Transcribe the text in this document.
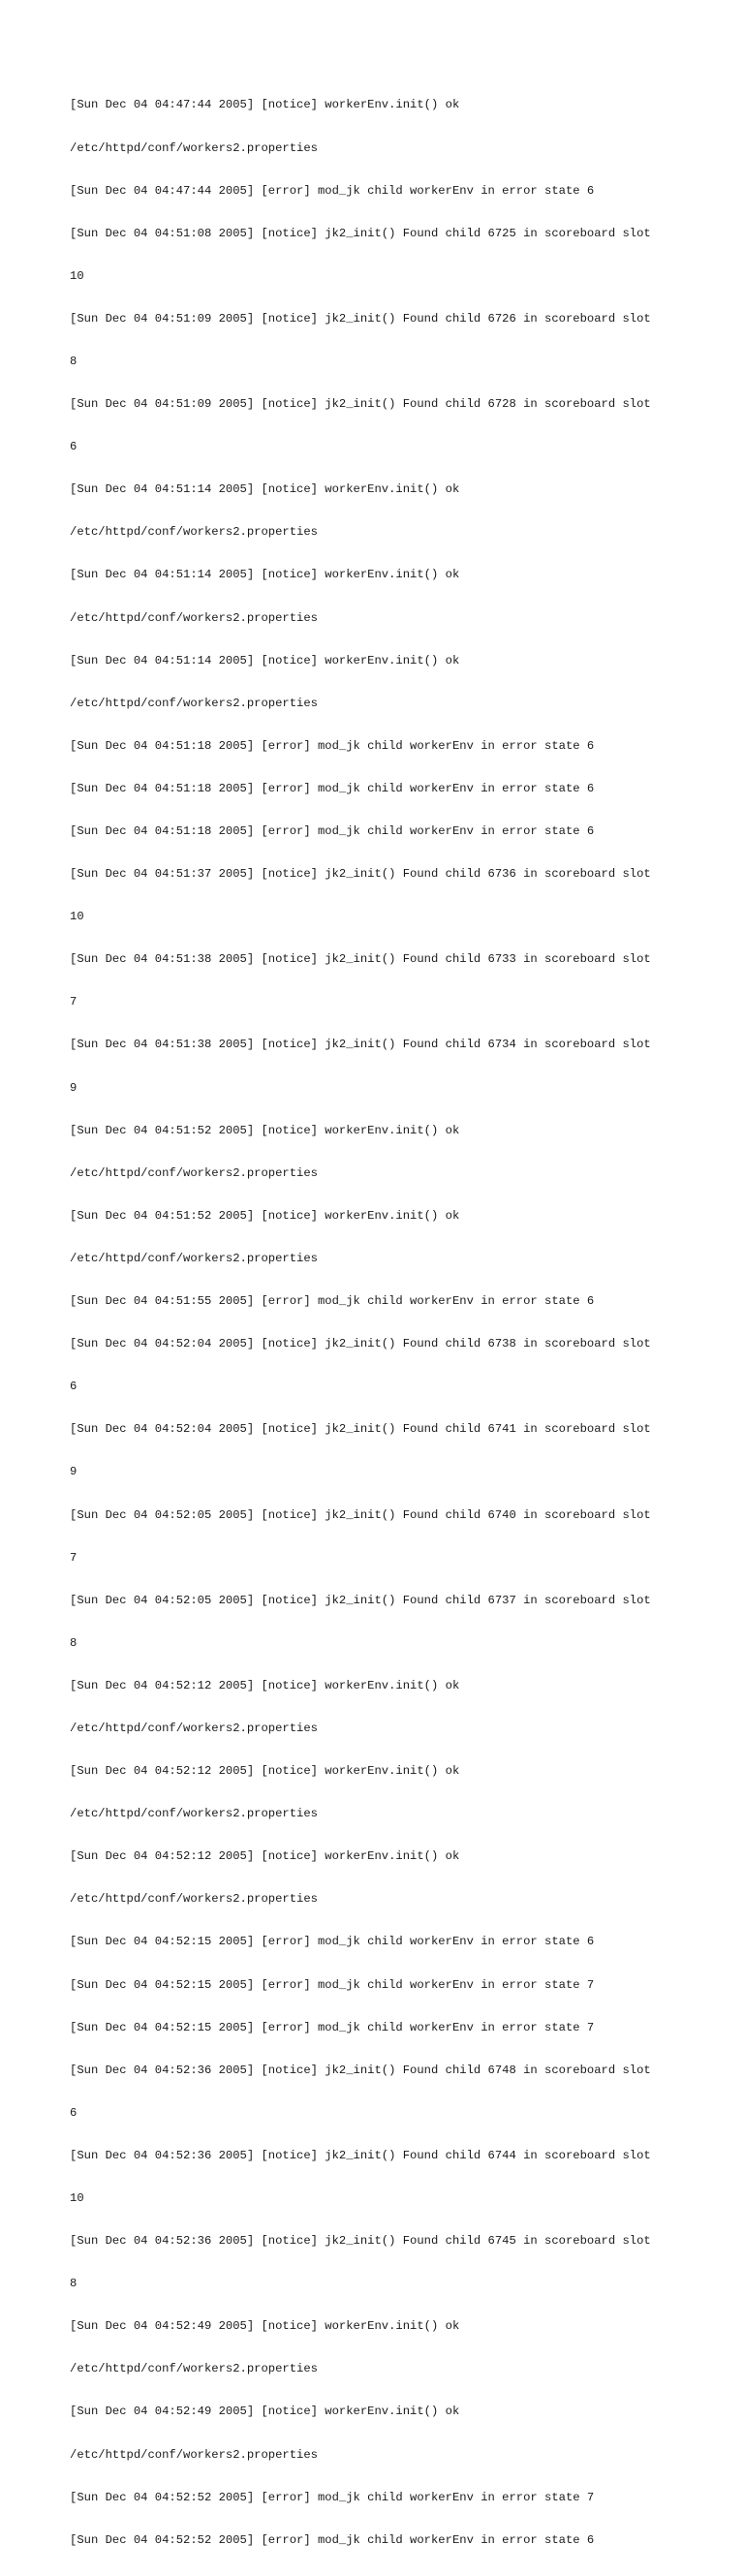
[Sun Dec 04 04:47:44 2005] [notice] workerEnv.init() ok

/etc/httpd/conf/workers2.properties

[Sun Dec 04 04:47:44 2005] [error] mod_jk child workerEnv in error state 6

[Sun Dec 04 04:51:08 2005] [notice] jk2_init() Found child 6725 in scoreboard slot

10

[Sun Dec 04 04:51:09 2005] [notice] jk2_init() Found child 6726 in scoreboard slot

8

[Sun Dec 04 04:51:09 2005] [notice] jk2_init() Found child 6728 in scoreboard slot

6

[Sun Dec 04 04:51:14 2005] [notice] workerEnv.init() ok

/etc/httpd/conf/workers2.properties

[Sun Dec 04 04:51:14 2005] [notice] workerEnv.init() ok

/etc/httpd/conf/workers2.properties

[Sun Dec 04 04:51:14 2005] [notice] workerEnv.init() ok

/etc/httpd/conf/workers2.properties

[Sun Dec 04 04:51:18 2005] [error] mod_jk child workerEnv in error state 6

[Sun Dec 04 04:51:18 2005] [error] mod_jk child workerEnv in error state 6

[Sun Dec 04 04:51:18 2005] [error] mod_jk child workerEnv in error state 6

[Sun Dec 04 04:51:37 2005] [notice] jk2_init() Found child 6736 in scoreboard slot

10

[Sun Dec 04 04:51:38 2005] [notice] jk2_init() Found child 6733 in scoreboard slot

7

[Sun Dec 04 04:51:38 2005] [notice] jk2_init() Found child 6734 in scoreboard slot

9

[Sun Dec 04 04:51:52 2005] [notice] workerEnv.init() ok

/etc/httpd/conf/workers2.properties

[Sun Dec 04 04:51:52 2005] [notice] workerEnv.init() ok

/etc/httpd/conf/workers2.properties

[Sun Dec 04 04:51:55 2005] [error] mod_jk child workerEnv in error state 6

[Sun Dec 04 04:52:04 2005] [notice] jk2_init() Found child 6738 in scoreboard slot

6

[Sun Dec 04 04:52:04 2005] [notice] jk2_init() Found child 6741 in scoreboard slot

9

[Sun Dec 04 04:52:05 2005] [notice] jk2_init() Found child 6740 in scoreboard slot

7

[Sun Dec 04 04:52:05 2005] [notice] jk2_init() Found child 6737 in scoreboard slot

8

[Sun Dec 04 04:52:12 2005] [notice] workerEnv.init() ok

/etc/httpd/conf/workers2.properties

[Sun Dec 04 04:52:12 2005] [notice] workerEnv.init() ok

/etc/httpd/conf/workers2.properties

[Sun Dec 04 04:52:12 2005] [notice] workerEnv.init() ok

/etc/httpd/conf/workers2.properties

[Sun Dec 04 04:52:15 2005] [error] mod_jk child workerEnv in error state 6

[Sun Dec 04 04:52:15 2005] [error] mod_jk child workerEnv in error state 7

[Sun Dec 04 04:52:15 2005] [error] mod_jk child workerEnv in error state 7

[Sun Dec 04 04:52:36 2005] [notice] jk2_init() Found child 6748 in scoreboard slot

6

[Sun Dec 04 04:52:36 2005] [notice] jk2_init() Found child 6744 in scoreboard slot

10

[Sun Dec 04 04:52:36 2005] [notice] jk2_init() Found child 6745 in scoreboard slot

8

[Sun Dec 04 04:52:49 2005] [notice] workerEnv.init() ok

/etc/httpd/conf/workers2.properties

[Sun Dec 04 04:52:49 2005] [notice] workerEnv.init() ok

/etc/httpd/conf/workers2.properties

[Sun Dec 04 04:52:52 2005] [error] mod_jk child workerEnv in error state 7

[Sun Dec 04 04:52:52 2005] [error] mod_jk child workerEnv in error state 6
